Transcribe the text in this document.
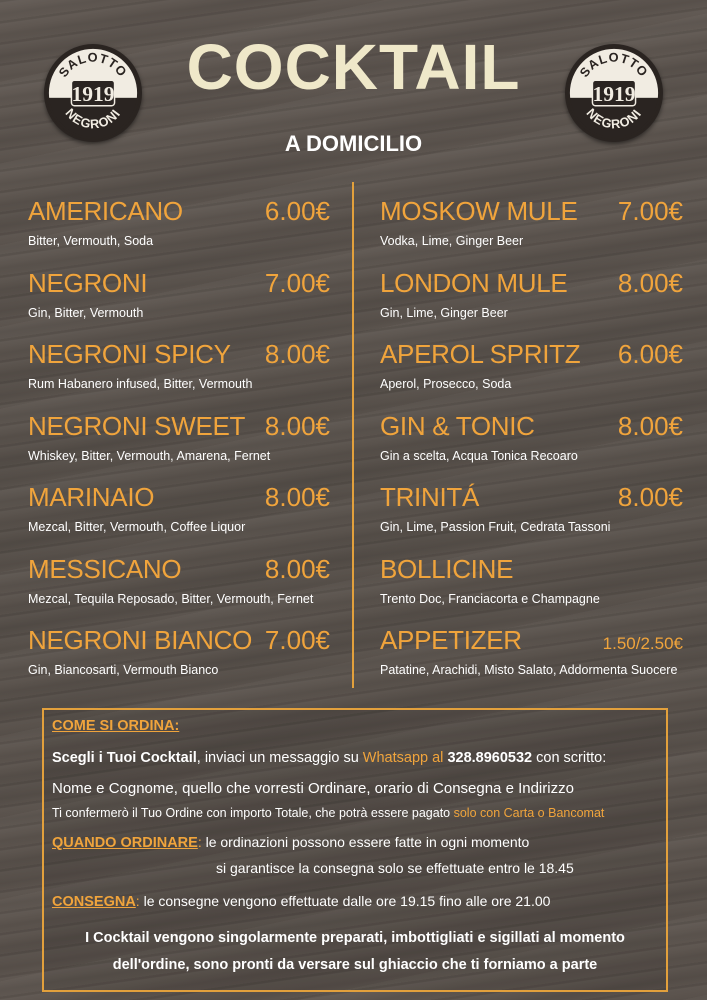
SALOTTO
1919
NEGRONI
SALOTTO
1919
NEGRONI
COCKTAIL
A DOMICILIO
AMERICANO	6.00€
Bitter, Vermouth, Soda
NEGRONI	7.00€
Gin, Bitter, Vermouth
NEGRONI SPICY 8.00€
Rum Habanero infused, Bitter, Vermouth
NEGRONI SWEET 8.00€
Whiskey, Bitter, Vermouth, Amarena, Fernet
MARINAIO	8.00€
Mezcal, Bitter, Vermouth, Coffee Liquor
MESSICANO	8.00€
Mezcal, Tequila Reposado, Bitter, Vermouth, Fernet
NEGRONI BIANCO 7.00€
Gin, Biancosarti, Vermouth Bianco
MOSKOW MULE 7.00€
Vodka, Lime, Ginger Beer
LONDON MULE 8.00€
Gin, Lime, Ginger Beer
APEROL SPRITZ 6.00€
Aperol, Prosecco, Soda
GIN & TONIC	8.00€
Gin a scelta, Acqua Tonica Recoaro
TRINITÁ	8.00€
Gin, Lime, Passion Fruit, Cedrata Tassoni
BOLLICINE
Trento Doc, Franciacorta e Champagne
APPETIZER	1.50/2.50€
Patatine, Arachidi, Misto Salato, Addormenta Suocere
COME SI ORDINA:
Scegli i Tuoi Cocktail, inviaci un messaggio su Whatsapp al 328.8960532 con scritto:
Nome e Cognome, quello che vorresti Ordinare, orario di Consegna e Indirizzo
Ti confermerò il Tuo Ordine con importo Totale, che potrà essere pagato solo con Carta o Bancomat
QUANDO ORDINARE: le ordinazioni possono essere fatte in ogni momento
si garantisce la consegna solo se effettuate entro le 18.45
CONSEGNA: le consegne vengono effettuate dalle ore 19.15 fino alle ore 21.00
I Cocktail vengono singolarmente preparati, imbottigliati e sigillati al momento
dell'ordine, sono pronti da versare sul ghiaccio che ti forniamo a parte
